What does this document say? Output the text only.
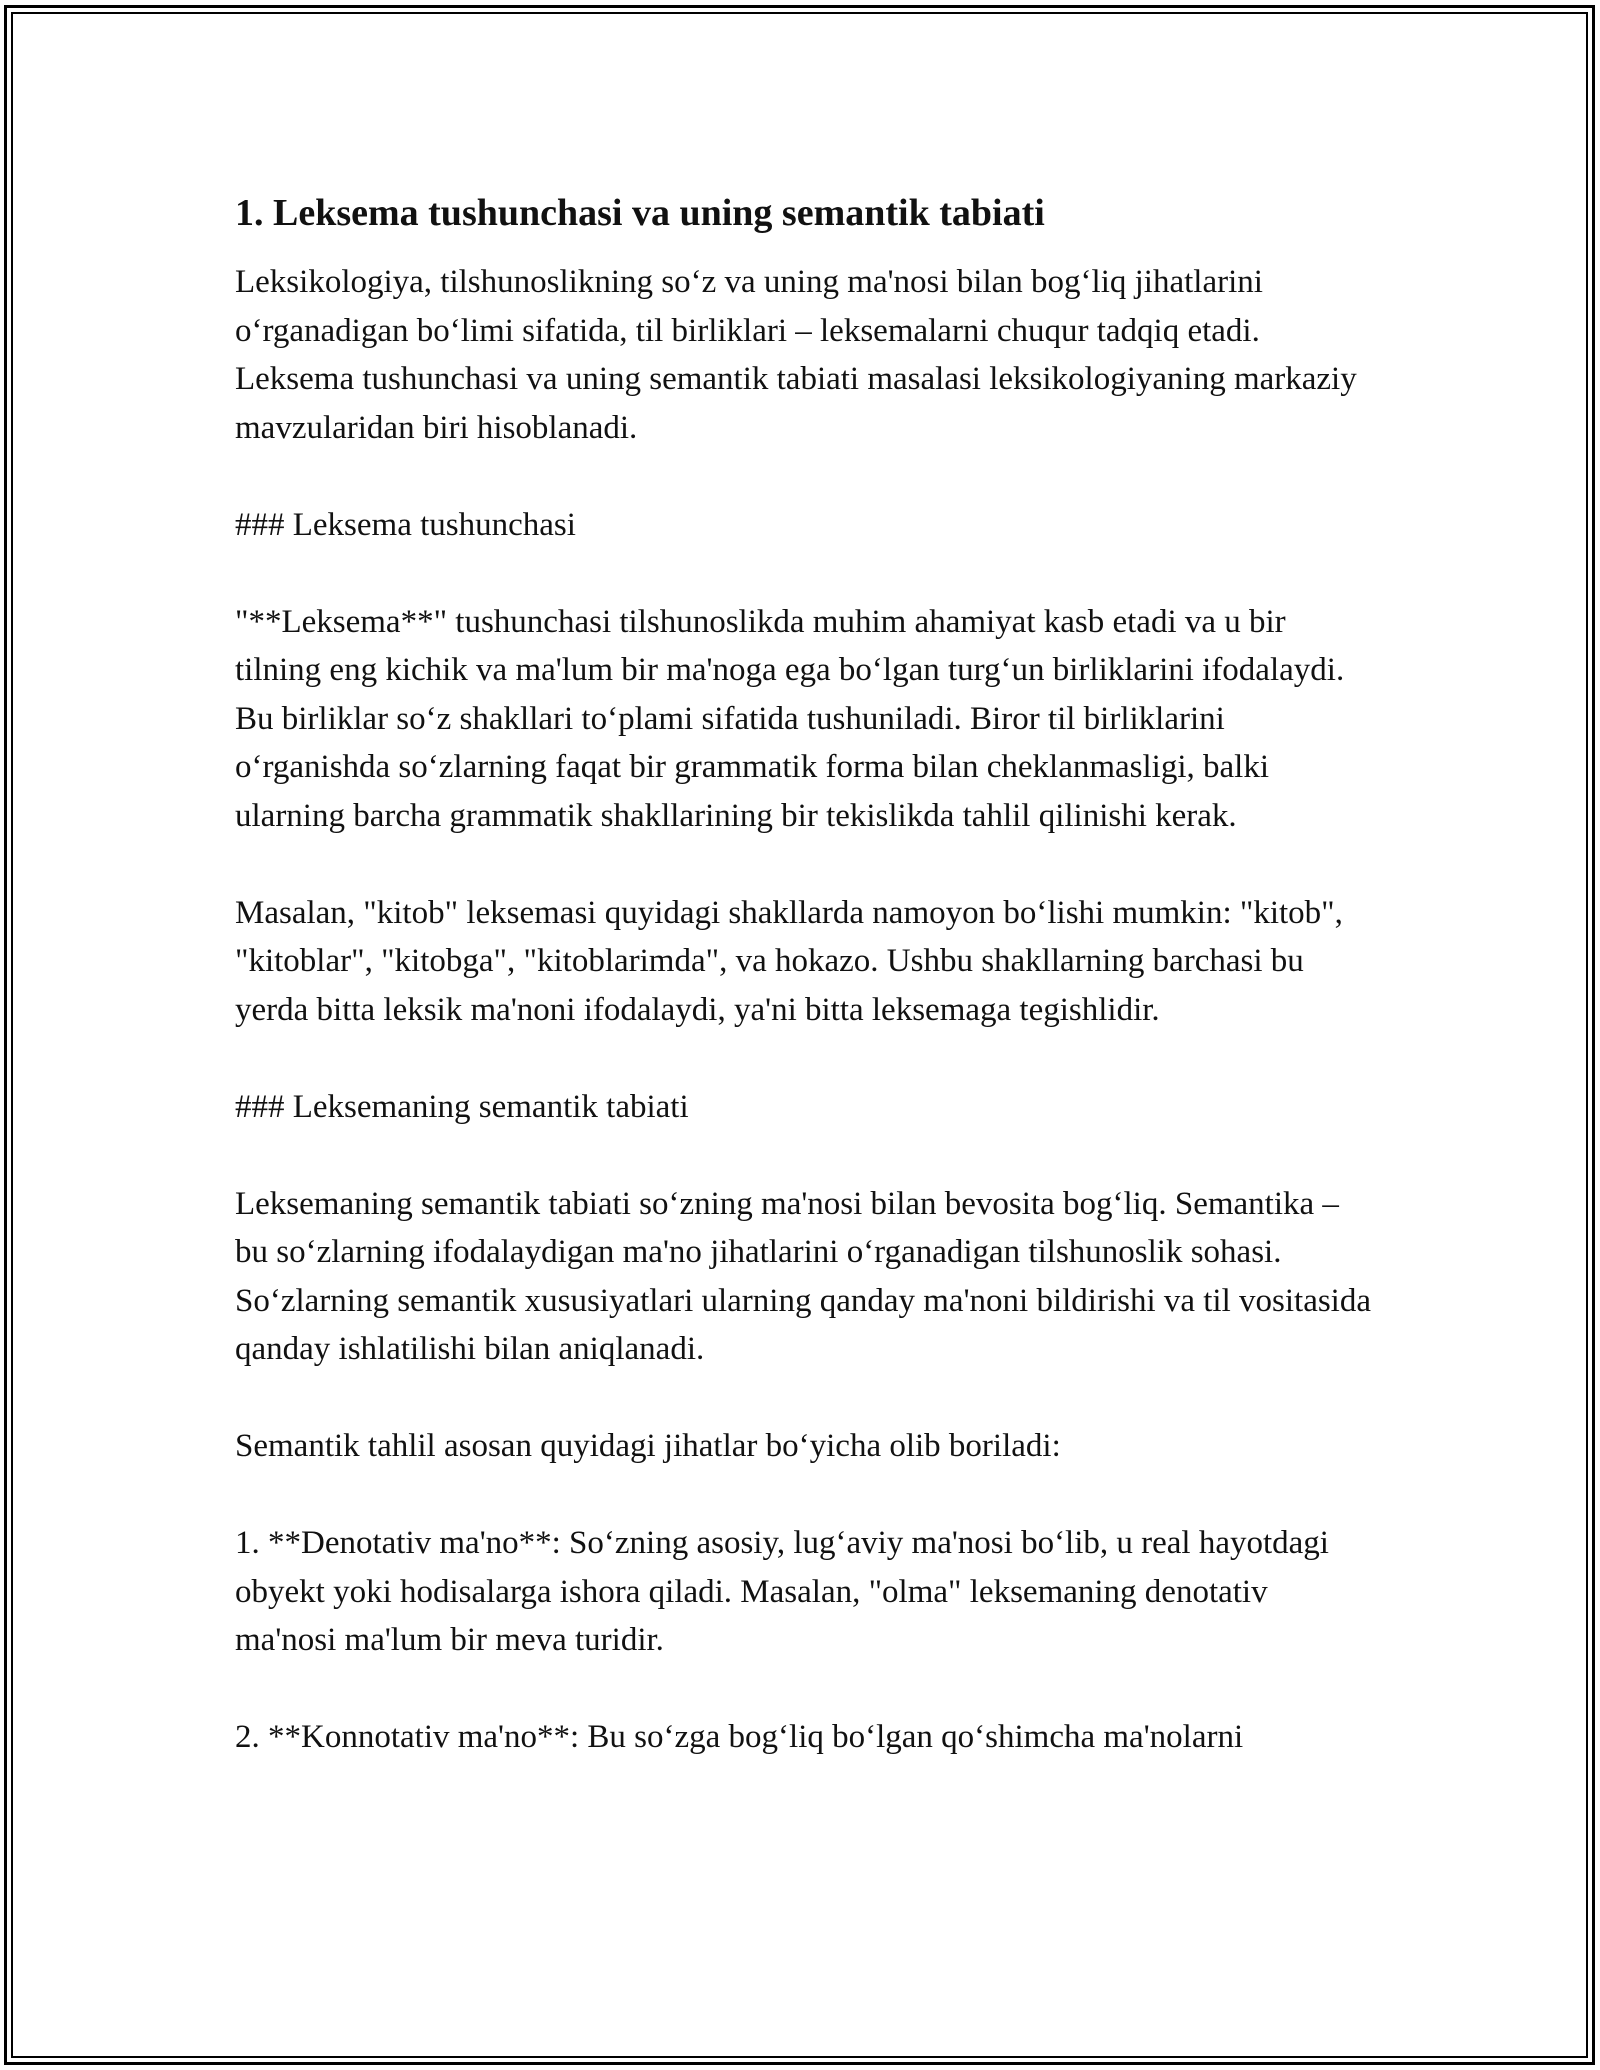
1. Leksema tushunchasi va uning semantik tabiati

Leksikologiya, tilshunoslikning so‘z va uning ma'nosi bilan bog‘liq jihatlarini o‘rganadigan bo‘limi sifatida, til birliklari – leksemalarni chuqur tadqiq etadi. Leksema tushunchasi va uning semantik tabiati masalasi leksikologiyaning markaziy mavzularidan biri hisoblanadi.

### Leksema tushunchasi

"**Leksema**" tushunchasi tilshunoslikda muhim ahamiyat kasb etadi va u bir tilning eng kichik va ma'lum bir ma'noga ega bo‘lgan turg‘un birliklarini ifodalaydi. Bu birliklar so‘z shakllari to‘plami sifatida tushuniladi. Biror til birliklarini o‘rganishda so‘zlarning faqat bir grammatik forma bilan cheklanmasligi, balki ularning barcha grammatik shakllarining bir tekislikda tahlil qilinishi kerak.

Masalan, "kitob" leksemasi quyidagi shakllarda namoyon bo‘lishi mumkin: "kitob", "kitoblar", "kitobga", "kitoblarimda", va hokazo. Ushbu shakllarning barchasi bu yerda bitta leksik ma'noni ifodalaydi, ya'ni bitta leksemaga tegishlidir.

### Leksemaning semantik tabiati

Leksemaning semantik tabiati so‘zning ma'nosi bilan bevosita bog‘liq. Semantika – bu so‘zlarning ifodalaydigan ma'no jihatlarini o‘rganadigan tilshunoslik sohasi. So‘zlarning semantik xususiyatlari ularning qanday ma'noni bildirishi va til vositasida qanday ishlatilishi bilan aniqlanadi.

Semantik tahlil asosan quyidagi jihatlar bo‘yicha olib boriladi:

1. **Denotativ ma'no**: So‘zning asosiy, lug‘aviy ma'nosi bo‘lib, u real hayotdagi obyekt yoki hodisalarga ishora qiladi. Masalan, "olma" leksemaning denotativ ma'nosi ma'lum bir meva turidir.

2. **Konnotativ ma'no**: Bu so‘zga bog‘liq bo‘lgan qo‘shimcha ma'nolarni
